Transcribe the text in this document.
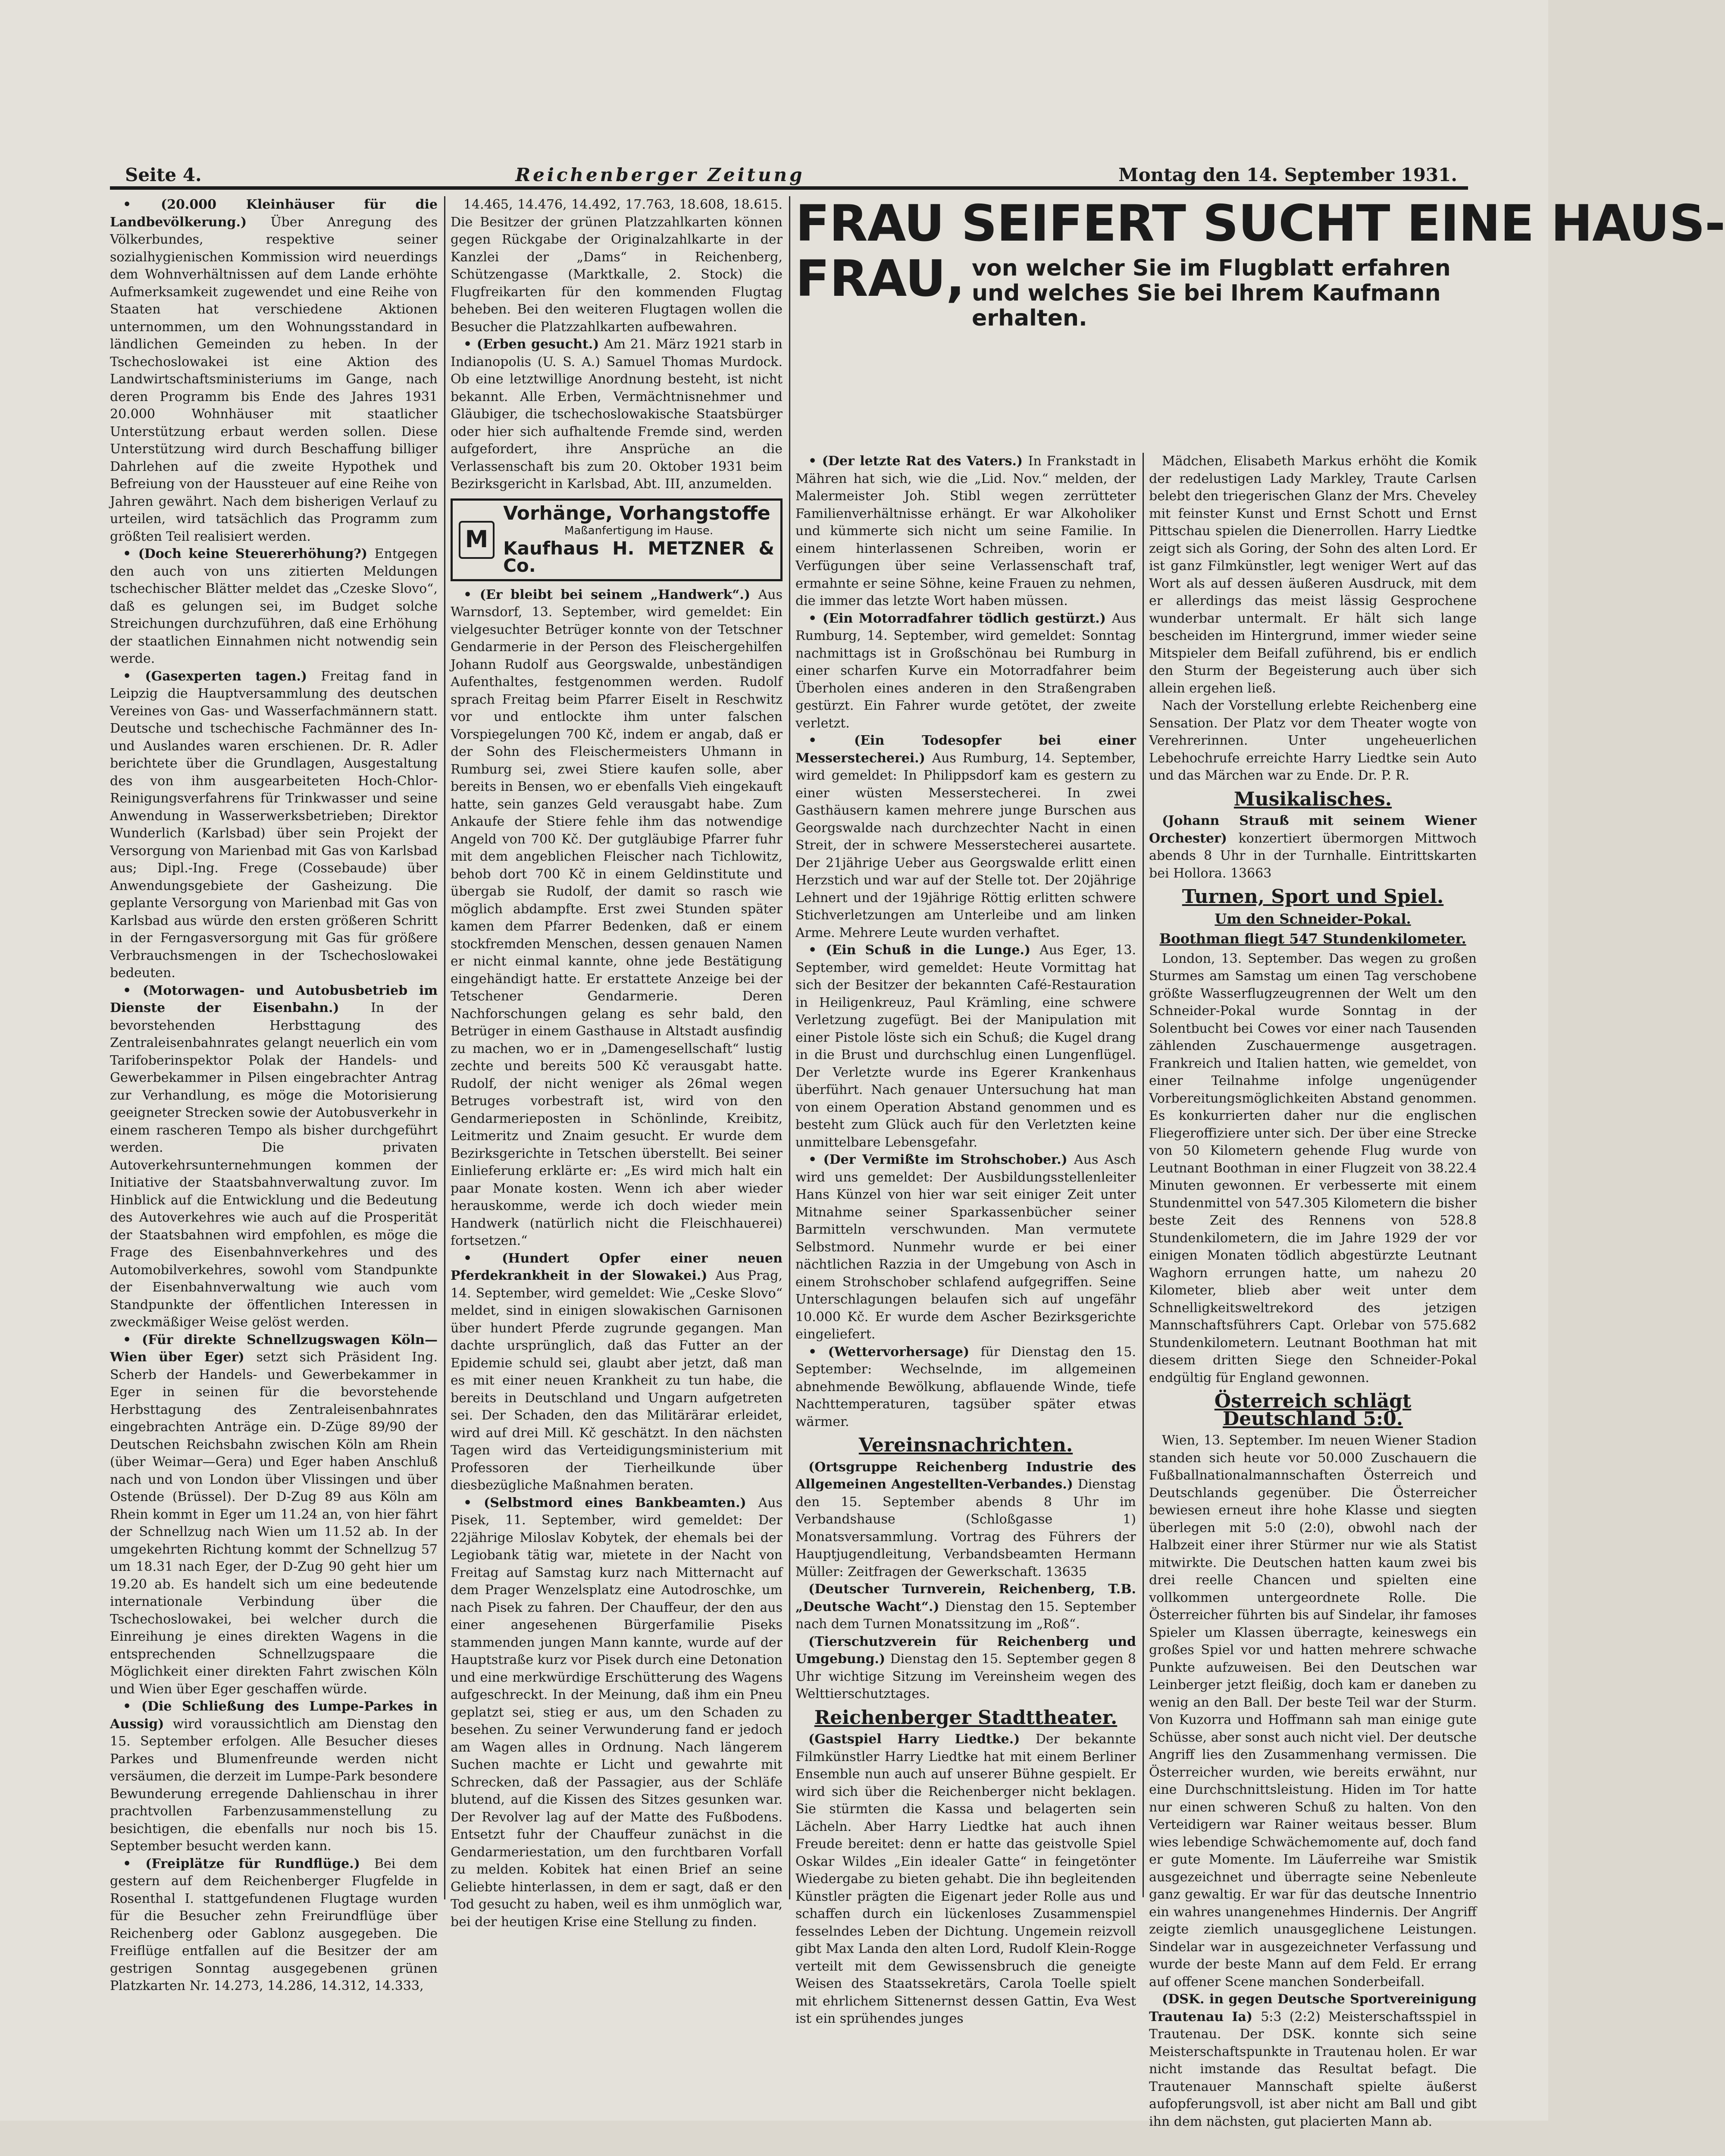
Seite 4.	Reichenberger Zeitung	Montag den 14. September 1931.
FRAU SEIFERT SUCHT EINE HAUS-
FRAU, von welcher Sie im Flugblatt erfahren und welches Sie bei Ihrem Kaufmann erhalten.

• (20.000 Kleinhäuser für die Landbevölkerung.) Über Anregung des Völkerbundes, respektive seiner sozialhygienischen Kommission wird neuerdings dem Wohnverhältnissen auf dem Lande erhöhte Aufmerksamkeit zugewendet und eine Reihe von Staaten hat verschiedene Aktionen unternommen, um den Wohnungsstandard in ländlichen Gemeinden zu heben. In der Tschechoslowakei ist eine Aktion des Landwirtschaftsministeriums im Gange, nach deren Programm bis Ende des Jahres 1931 20.000 Wohnhäuser mit staatlicher Unterstützung erbaut werden sollen. Diese Unterstützung wird durch Beschaffung billiger Dahrlehen auf die zweite Hypothek und Befreiung von der Haussteuer auf eine Reihe von Jahren gewährt. Nach dem bisherigen Verlauf zu urteilen, wird tatsächlich das Programm zum größten Teil realisiert werden.

• (Doch keine Steuererhöhung?) Entgegen den auch von uns zitierten Meldungen tschechischer Blätter meldet das „Czeske Slovo“, daß es gelungen sei, im Budget solche Streichungen durchzuführen, daß eine Erhöhung der staatlichen Einnahmen nicht notwendig sein werde.

• (Gasexperten tagen.) Freitag fand in Leipzig die Hauptversammlung des deutschen Vereines von Gas- und Wasserfachmännern statt. Deutsche und tschechische Fachmänner des In- und Auslandes waren erschienen. Dr. R. Adler berichtete über die Grundlagen, Ausgestaltung des von ihm ausgearbeiteten Hoch-Chlor-Reinigungsverfahrens für Trinkwasser und seine Anwendung in Wasserwerksbetrieben; Direktor Wunderlich (Karlsbad) über sein Projekt der Versorgung von Marienbad mit Gas von Karlsbad aus; Dipl.-Ing. Frege (Cossebaude) über Anwendungsgebiete der Gasheizung. Die geplante Versorgung von Marienbad mit Gas von Karlsbad aus würde den ersten größeren Schritt in der Ferngasversorgung mit Gas für größere Verbrauchsmengen in der Tschechoslowakei bedeuten.

• (Motorwagen- und Autobusbetrieb im Dienste der Eisenbahn.) In der bevorstehenden Herbsttagung des Zentraleisenbahnrates gelangt neuerlich ein vom Tarifoberinspektor Polak der Handels- und Gewerbekammer in Pilsen eingebrachter Antrag zur Verhandlung, es möge die Motorisierung geeigneter Strecken sowie der Autobusverkehr in einem rascheren Tempo als bisher durchgeführt werden. Die privaten Autoverkehrsunternehmungen kommen der Initiative der Staatsbahnverwaltung zuvor. Im Hinblick auf die Entwicklung und die Bedeutung des Autoverkehres wie auch auf die Prosperität der Staatsbahnen wird empfohlen, es möge die Frage des Eisenbahnverkehres und des Automobilverkehres, sowohl vom Standpunkte der Eisenbahnverwaltung wie auch vom Standpunkte der öffentlichen Interessen in zweckmäßiger Weise gelöst werden.

• (Für direkte Schnellzugswagen Köln—Wien über Eger) setzt sich Präsident Ing. Scherb der Handels- und Gewerbekammer in Eger in seinen für die bevorstehende Herbsttagung des Zentraleisenbahnrates eingebrachten Anträge ein. D-Züge 89/90 der Deutschen Reichsbahn zwischen Köln am Rhein (über Weimar—Gera) und Eger haben Anschluß nach und von London über Vlissingen und über Ostende (Brüssel). Der D-Zug 89 aus Köln am Rhein kommt in Eger um 11.24 an, von hier fährt der Schnellzug nach Wien um 11.52 ab. In der umgekehrten Richtung kommt der Schnellzug 57 um 18.31 nach Eger, der D-Zug 90 geht hier um 19.20 ab. Es handelt sich um eine bedeutende internationale Verbindung über die Tschechoslowakei, bei welcher durch die Einreihung je eines direkten Wagens in die entsprechenden Schnellzugspaare die Möglichkeit einer direkten Fahrt zwischen Köln und Wien über Eger geschaffen würde.

• (Die Schließung des Lumpe-Parkes in Aussig) wird voraussichtlich am Dienstag den 15. September erfolgen. Alle Besucher dieses Parkes und Blumenfreunde werden nicht versäumen, die derzeit im Lumpe-Park besondere Bewunderung erregende Dahlienschau in ihrer prachtvollen Farbenzusammenstellung zu besichtigen, die ebenfalls nur noch bis 15. September besucht werden kann.

• (Freiplätze für Rundflüge.) Bei dem gestern auf dem Reichenberger Flugfelde in Rosenthal I. stattgefundenen Flugtage wurden für die Besucher zehn Freirundflüge über Reichenberg oder Gablonz ausgegeben. Die Freiflüge entfallen auf die Besitzer der am gestrigen Sonntag ausgegebenen grünen Platzkarten Nr. 14.273, 14.286, 14.312, 14.333,

14.465, 14.476, 14.492, 17.763, 18.608, 18.615. Die Besitzer der grünen Platzzahlkarten können gegen Rückgabe der Originalzahlkarte in der Kanzlei der „Dams“ in Reichenberg, Schützengasse (Marktkalle, 2. Stock) die Flugfreikarten für den kommenden Flugtag beheben. Bei den weiteren Flugtagen wollen die Besucher die Platzzahlkarten aufbewahren.

• (Erben gesucht.) Am 21. März 1921 starb in Indianopolis (U. S. A.) Samuel Thomas Murdock. Ob eine letztwillige Anordnung besteht, ist nicht bekannt. Alle Erben, Vermächtnisnehmer und Gläubiger, die tschechoslowakische Staatsbürger oder hier sich aufhaltende Fremde sind, werden aufgefordert, ihre Ansprüche an die Verlassenschaft bis zum 20. Oktober 1931 beim Bezirksgericht in Karlsbad, Abt. III, anzumelden.

M
Vorhänge, Vorhangstoffe
Maßanfertigung im Hause.
Kaufhaus H. METZNER & Co.

• (Er bleibt bei seinem „Handwerk“.) Aus Warnsdorf, 13. September, wird gemeldet: Ein vielgesuchter Betrüger konnte von der Tetschner Gendarmerie in der Person des Fleischergehilfen Johann Rudolf aus Georgswalde, unbeständigen Aufenthaltes, festgenommen werden. Rudolf sprach Freitag beim Pfarrer Eiselt in Reschwitz vor und entlockte ihm unter falschen Vorspiegelungen 700 Kč, indem er angab, daß er der Sohn des Fleischermeisters Uhmann in Rumburg sei, zwei Stiere kaufen solle, aber bereits in Bensen, wo er ebenfalls Vieh eingekauft hatte, sein ganzes Geld verausgabt habe. Zum Ankaufe der Stiere fehle ihm das notwendige Angeld von 700 Kč. Der gutgläubige Pfarrer fuhr mit dem angeblichen Fleischer nach Tichlowitz, behob dort 700 Kč in einem Geldinstitute und übergab sie Rudolf, der damit so rasch wie möglich abdampfte. Erst zwei Stunden später kamen dem Pfarrer Bedenken, daß er einem stockfremden Menschen, dessen genauen Namen er nicht einmal kannte, ohne jede Bestätigung eingehändigt hatte. Er erstattete Anzeige bei der Tetschener Gendarmerie. Deren Nachforschungen gelang es sehr bald, den Betrüger in einem Gasthause in Altstadt ausfindig zu machen, wo er in „Damengesellschaft“ lustig zechte und bereits 500 Kč verausgabt hatte. Rudolf, der nicht weniger als 26mal wegen Betruges vorbestraft ist, wird von den Gendarmerieposten in Schönlinde, Kreibitz, Leitmeritz und Znaim gesucht. Er wurde dem Bezirksgerichte in Tetschen überstellt. Bei seiner Einlieferung erklärte er: „Es wird mich halt ein paar Monate kosten. Wenn ich aber wieder herauskomme, werde ich doch wieder mein Handwerk (natürlich nicht die Fleischhauerei) fortsetzen.“

• (Hundert Opfer einer neuen Pferdekrankheit in der Slowakei.) Aus Prag, 14. September, wird gemeldet: Wie „Ceske Slovo“ meldet, sind in einigen slowakischen Garnisonen über hundert Pferde zugrunde gegangen. Man dachte ursprünglich, daß das Futter an der Epidemie schuld sei, glaubt aber jetzt, daß man es mit einer neuen Krankheit zu tun habe, die bereits in Deutschland und Ungarn aufgetreten sei. Der Schaden, den das Militärärar erleidet, wird auf drei Mill. Kč geschätzt. In den nächsten Tagen wird das Verteidigungsministerium mit Professoren der Tierheilkunde über diesbezügliche Maßnahmen beraten.

• (Selbstmord eines Bankbeamten.) Aus Pisek, 11. September, wird gemeldet: Der 22jährige Miloslav Kobytek, der ehemals bei der Legiobank tätig war, mietete in der Nacht von Freitag auf Samstag kurz nach Mitternacht auf dem Prager Wenzelsplatz eine Autodroschke, um nach Pisek zu fahren. Der Chauffeur, der den aus einer angesehenen Bürgerfamilie Piseks stammenden jungen Mann kannte, wurde auf der Hauptstraße kurz vor Pisek durch eine Detonation und eine merkwürdige Erschütterung des Wagens aufgeschreckt. In der Meinung, daß ihm ein Pneu geplatzt sei, stieg er aus, um den Schaden zu besehen. Zu seiner Verwunderung fand er jedoch am Wagen alles in Ordnung. Nach längerem Suchen machte er Licht und gewahrte mit Schrecken, daß der Passagier, aus der Schläfe blutend, auf die Kissen des Sitzes gesunken war. Der Revolver lag auf der Matte des Fußbodens. Entsetzt fuhr der Chauffeur zunächst in die Gendarmeriestation, um den furchtbaren Vorfall zu melden. Kobitek hat einen Brief an seine Geliebte hinterlassen, in dem er sagt, daß er den Tod gesucht zu haben, weil es ihm unmöglich war, bei der heutigen Krise eine Stellung zu finden.

• (Der letzte Rat des Vaters.) In Frankstadt in Mähren hat sich, wie die „Lid. Nov.“ melden, der Malermeister Joh. Stibl wegen zerrütteter Familienverhältnisse erhängt. Er war Alkoholiker und kümmerte sich nicht um seine Familie. In einem hinterlassenen Schreiben, worin er Verfügungen über seine Verlassenschaft traf, ermahnte er seine Söhne, keine Frauen zu nehmen, die immer das letzte Wort haben müssen.

• (Ein Motorradfahrer tödlich gestürzt.) Aus Rumburg, 14. September, wird gemeldet: Sonntag nachmittags ist in Großschönau bei Rumburg in einer scharfen Kurve ein Motorradfahrer beim Überholen eines anderen in den Straßengraben gestürzt. Ein Fahrer wurde getötet, der zweite verletzt.

• (Ein Todesopfer bei einer Messerstecherei.) Aus Rumburg, 14. September, wird gemeldet: In Philippsdorf kam es gestern zu einer wüsten Messerstecherei. In zwei Gasthäusern kamen mehrere junge Burschen aus Georgswalde nach durchzechter Nacht in einen Streit, der in schwere Messerstecherei ausartete. Der 21jährige Ueber aus Georgswalde erlitt einen Herzstich und war auf der Stelle tot. Der 20jährige Lehnert und der 19jährige Röttig erlitten schwere Stichverletzungen am Unterleibe und am linken Arme. Mehrere Leute wurden verhaftet.

• (Ein Schuß in die Lunge.) Aus Eger, 13. September, wird gemeldet: Heute Vormittag hat sich der Besitzer der bekannten Café-Restauration in Heiligenkreuz, Paul Krämling, eine schwere Verletzung zugefügt. Bei der Manipulation mit einer Pistole löste sich ein Schuß; die Kugel drang in die Brust und durchschlug einen Lungenflügel. Der Verletzte wurde ins Egerer Krankenhaus überführt. Nach genauer Untersuchung hat man von einem Operation Abstand genommen und es besteht zum Glück auch für den Verletzten keine unmittelbare Lebensgefahr.

• (Der Vermißte im Strohschober.) Aus Asch wird uns gemeldet: Der Ausbildungsstellenleiter Hans Künzel von hier war seit einiger Zeit unter Mitnahme seiner Sparkassenbücher seiner Barmitteln verschwunden. Man vermutete Selbstmord. Nunmehr wurde er bei einer nächtlichen Razzia in der Umgebung von Asch in einem Strohschober schlafend aufgegriffen. Seine Unterschlagungen belaufen sich auf ungefähr 10.000 Kč. Er wurde dem Ascher Bezirksgerichte eingeliefert.

• (Wettervorhersage) für Dienstag den 15. September: Wechselnde, im allgemeinen abnehmende Bewölkung, abflauende Winde, tiefe Nachttemperaturen, tagsüber später etwas wärmer.

Vereinsnachrichten.

(Ortsgruppe Reichenberg Industrie des Allgemeinen Angestellten-Verbandes.) Dienstag den 15. September abends 8 Uhr im Verbandshause (Schloßgasse 1) Monatsversammlung. Vortrag des Führers der Hauptjugendleitung, Verbandsbeamten Hermann Müller: Zeitfragen der Gewerkschaft. 13635

(Deutscher Turnverein, Reichenberg, T.B. „Deutsche Wacht“.) Dienstag den 15. September nach dem Turnen Monatssitzung im „Roß“.

(Tierschutzverein für Reichenberg und Umgebung.) Dienstag den 15. September gegen 8 Uhr wichtige Sitzung im Vereinsheim wegen des Welttierschutztages.

Reichenberger Stadttheater.

(Gastspiel Harry Liedtke.) Der bekannte Filmkünstler Harry Liedtke hat mit einem Berliner Ensemble nun auch auf unserer Bühne gespielt. Er wird sich über die Reichenberger nicht beklagen. Sie stürmten die Kassa und belagerten sein Lächeln. Aber Harry Liedtke hat auch ihnen Freude bereitet: denn er hatte das geistvolle Spiel Oskar Wildes „Ein idealer Gatte“ in feingetönter Wiedergabe zu bieten gehabt. Die ihn begleitenden Künstler prägten die Eigenart jeder Rolle aus und schaffen durch ein lückenloses Zusammenspiel fesselndes Leben der Dichtung. Ungemein reizvoll gibt Max Landa den alten Lord, Rudolf Klein-Rogge verteilt mit dem Gewissensbruch die geneigte Weisen des Staatssekretärs, Carola Toelle spielt mit ehrlichem Sittenernst dessen Gattin, Eva West ist ein sprühendes junges

Mädchen, Elisabeth Markus erhöht die Komik der redelustigen Lady Markley, Traute Carlsen belebt den triegerischen Glanz der Mrs. Cheveley mit feinster Kunst und Ernst Schott und Ernst Pittschau spielen die Dienerrollen. Harry Liedtke zeigt sich als Goring, der Sohn des alten Lord. Er ist ganz Filmkünstler, legt weniger Wert auf das Wort als auf dessen äußeren Ausdruck, mit dem er allerdings das meist lässig Gesprochene wunderbar untermalt. Er hält sich lange bescheiden im Hintergrund, immer wieder seine Mitspieler dem Beifall zuführend, bis er endlich den Sturm der Begeisterung auch über sich allein ergehen ließ.

Nach der Vorstellung erlebte Reichenberg eine Sensation. Der Platz vor dem Theater wogte von Verehrerinnen. Unter ungeheuerlichen Lebehochrufe erreichte Harry Liedtke sein Auto und das Märchen war zu Ende. Dr. P. R.

Musikalisches.

(Johann Strauß mit seinem Wiener Orchester) konzertiert übermorgen Mittwoch abends 8 Uhr in der Turnhalle. Eintrittskarten bei Hollora. 13663

Turnen, Sport und Spiel.
Um den Schneider-Pokal.
Boothman fliegt 547 Stundenkilometer.

London, 13. September. Das wegen zu großen Sturmes am Samstag um einen Tag verschobene größte Wasserflugzeugrennen der Welt um den Schneider-Pokal wurde Sonntag in der Solentbucht bei Cowes vor einer nach Tausenden zählenden Zuschauermenge ausgetragen. Frankreich und Italien hatten, wie gemeldet, von einer Teilnahme infolge ungenügender Vorbereitungsmöglichkeiten Abstand genommen. Es konkurrierten daher nur die englischen Fliegeroffiziere unter sich. Der über eine Strecke von 50 Kilometern gehende Flug wurde von Leutnant Boothman in einer Flugzeit von 38.22.4 Minuten gewonnen. Er verbesserte mit einem Stundenmittel von 547.305 Kilometern die bisher beste Zeit des Rennens von 528.8 Stundenkilometern, die im Jahre 1929 der vor einigen Monaten tödlich abgestürzte Leutnant Waghorn errungen hatte, um nahezu 20 Kilometer, blieb aber weit unter dem Schnelligkeitsweltrekord des jetzigen Mannschaftsführers Capt. Orlebar von 575.682 Stundenkilometern. Leutnant Boothman hat mit diesem dritten Siege den Schneider-Pokal endgültig für England gewonnen.

Österreich schlägt Deutschland 5:0.

Wien, 13. September. Im neuen Wiener Stadion standen sich heute vor 50.000 Zuschauern die Fußballnationalmannschaften Österreich und Deutschlands gegenüber. Die Österreicher bewiesen erneut ihre hohe Klasse und siegten überlegen mit 5:0 (2:0), obwohl nach der Halbzeit einer ihrer Stürmer nur wie als Statist mitwirkte. Die Deutschen hatten kaum zwei bis drei reelle Chancen und spielten eine vollkommen untergeordnete Rolle. Die Österreicher führten bis auf Sindelar, ihr famoses Spieler um Klassen überragte, keineswegs ein großes Spiel vor und hatten mehrere schwache Punkte aufzuweisen. Bei den Deutschen war Leinberger jetzt fleißig, doch kam er daneben zu wenig an den Ball. Der beste Teil war der Sturm. Von Kuzorra und Hoffmann sah man einige gute Schüsse, aber sonst auch nicht viel. Der deutsche Angriff lies den Zusammenhang vermissen. Die Österreicher wurden, wie bereits erwähnt, nur eine Durchschnittsleistung. Hiden im Tor hatte nur einen schweren Schuß zu halten. Von den Verteidigern war Rainer weitaus besser. Blum wies lebendige Schwächemomente auf, doch fand er gute Momente. Im Läuferreihe war Smistik ausgezeichnet und überragte seine Nebenleute ganz gewaltig. Er war für das deutsche Innentrio ein wahres unangenehmes Hindernis. Der Angriff zeigte ziemlich unausgeglichene Leistungen. Sindelar war in ausgezeichneter Verfassung und wurde der beste Mann auf dem Feld. Er errang auf offener Scene manchen Sonderbeifall.

(DSK. in gegen Deutsche Sportvereinigung Trautenau Ia) 5:3 (2:2) Meisterschaftsspiel in Trautenau. Der DSK. konnte sich seine Meisterschaftspunkte in Trautenau holen. Er war nicht imstande das Resultat befagt. Die Trautenauer Mannschaft spielte äußerst aufopferungsvoll, ist aber nicht am Ball und gibt ihn dem nächsten, gut placierten Mann ab.
